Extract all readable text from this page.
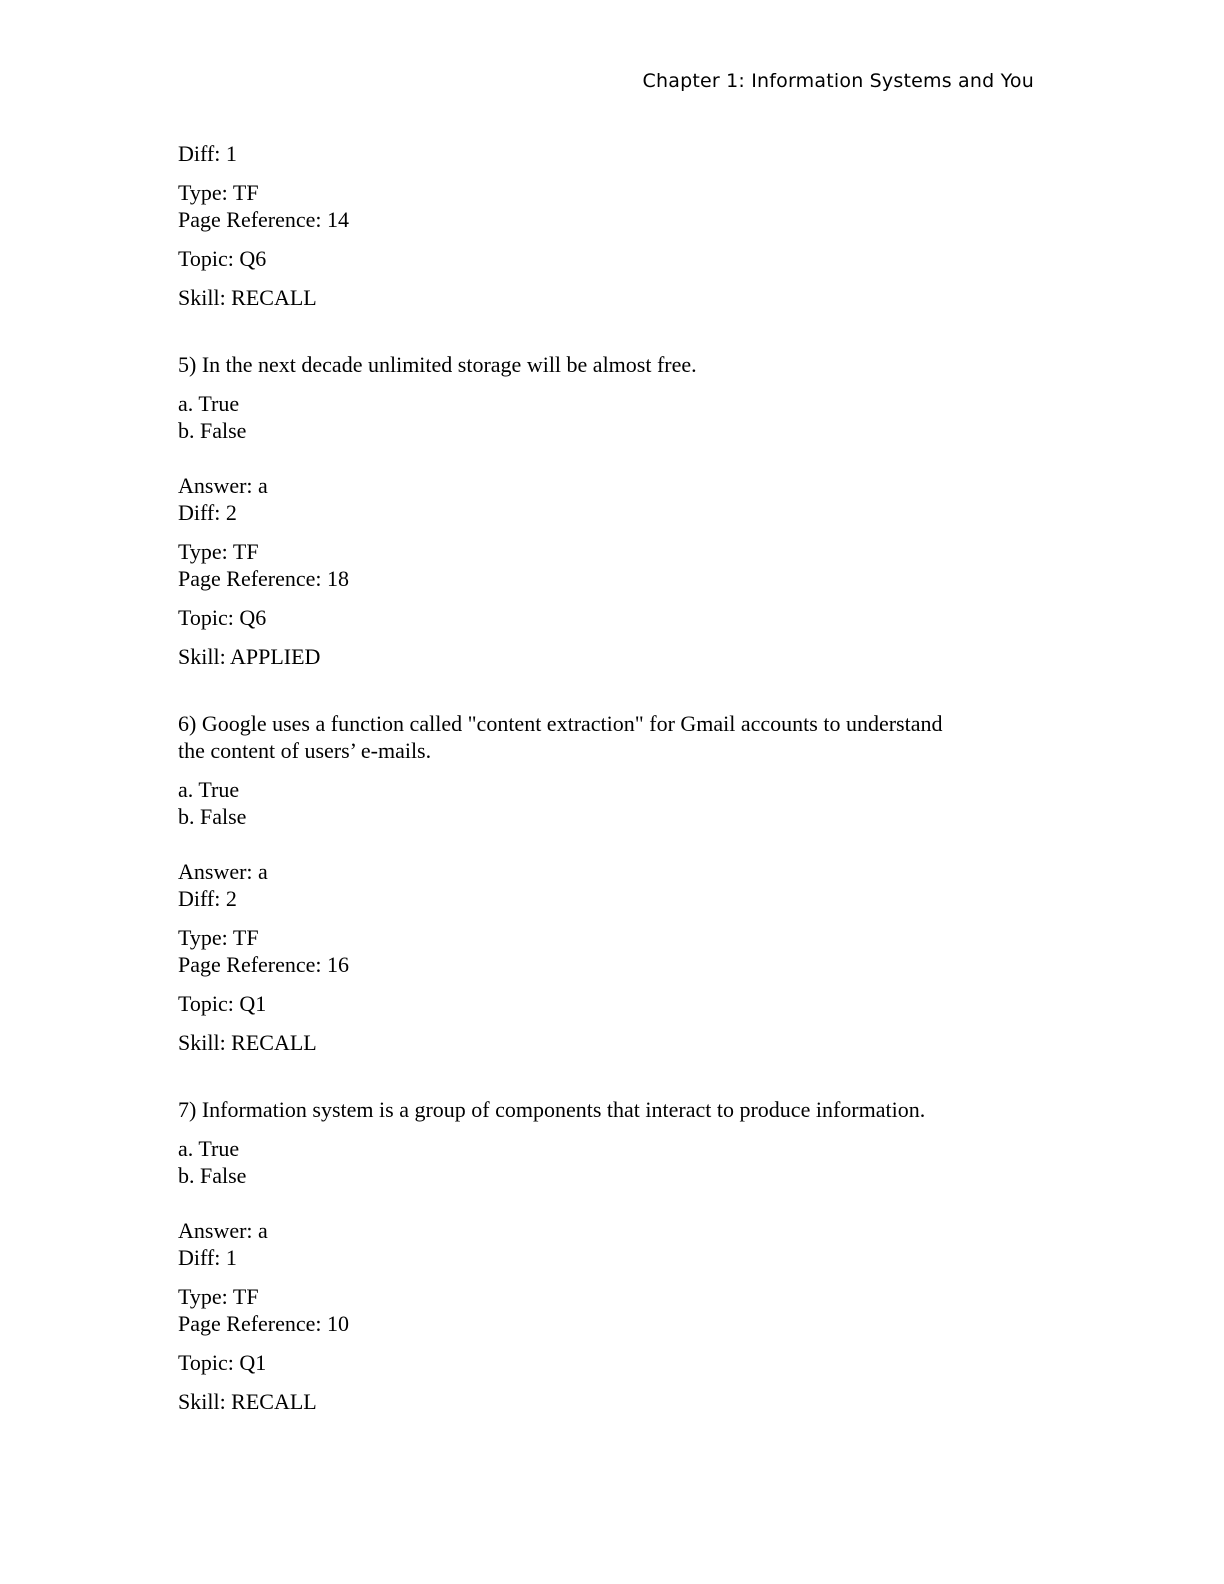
Chapter 1: Information Systems and You

Diff: 1

Type: TF

Page Reference: 14

Topic: Q6

Skill: RECALL

5) In the next decade unlimited storage will be almost free.

a. True

b. False

Answer: a

Diff: 2

Type: TF

Page Reference: 18

Topic: Q6

Skill: APPLIED

6) Google uses a function called "content extraction" for Gmail accounts to understand

the content of users’ e-mails.

a. True

b. False

Answer: a

Diff: 2

Type: TF

Page Reference: 16

Topic: Q1

Skill: RECALL

7) Information system is a group of components that interact to produce information.

a. True

b. False

Answer: a

Diff: 1

Type: TF

Page Reference: 10

Topic: Q1

Skill: RECALL
